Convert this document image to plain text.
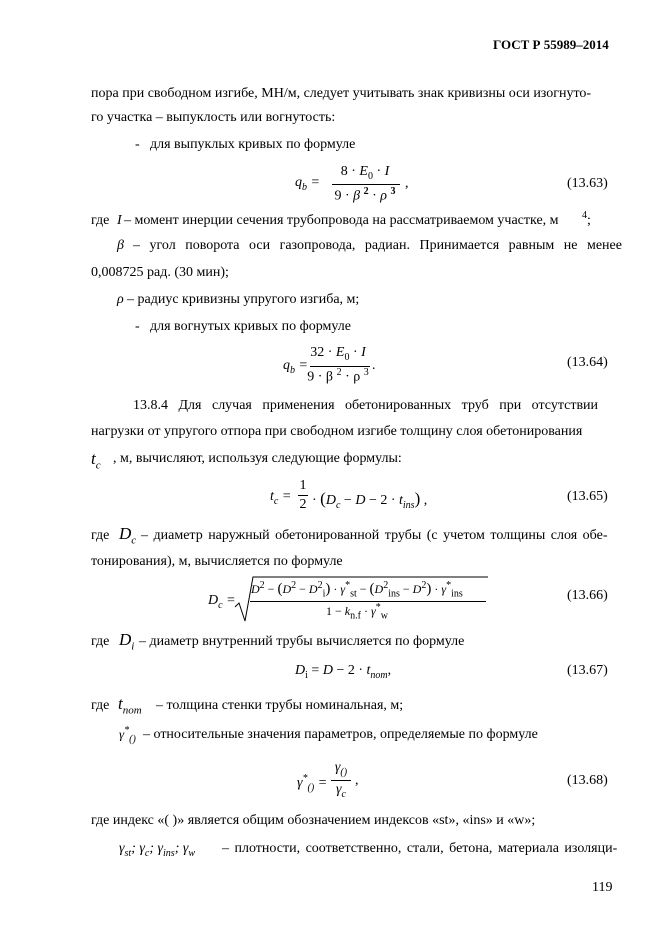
ГОСТ Р 55989–2014
пора при свободном изгибе, МН/м, следует учитывать знак кривизны оси изогнуто-
го участка – выпуклость или вогнутость:
- для выпуклых кривых по формуле
$q_b$ =
$8 \cdot E_0 \cdot I$
9 · β $^2$ · ρ $^3$
,	(13.63)
где I – момент инерции сечения трубопровода на рассматриваемом участке, м 4 ;
β – угол поворота оси газопровода, радиан. Принимается равным не менее
0,008725 рад. (30 мин);
ρ – радиус кривизны упругого изгиба, м;
- для вогнутых кривых по формуле
$q_b$ =
$32 \cdot E_0 \cdot I$
9 · β $^2$ · ρ $^3$ .	(13.64)
13.8.4 Для случая применения обетонированных труб при отсутствии
нагрузки от упругого отпора при свободном изгибе толщину слоя обетонирования
$t_c$ , м, вычисляют, используя следующие формулы:
$t_c$ =
1
$2 \cdot (D_c - D - 2 \cdot t_{ins})$ ,	(13.65)
где $D_c$ – диаметр наружный обетонированной трубы (с учетом толщины слоя обе-
тонирования), м, вычисляется по формуле
$D_c$ =
$D^2 - (D^2 - D^2_i) \cdot \gamma^*_{st} - (D^2_{ins} - D^2) \cdot \gamma^*_{ins}$
$1 - k_{n.f} \cdot \gamma^*_w$
(13.66)
где $D_i$ – диаметр внутренний трубы вычисляется по формуле
$D_i = D - 2 \cdot t_{nom}$,	(13.67)
где $t_{nom}$ – толщина стенки трубы номинальная, м;
$\gamma^*_{()}$ – относительные значения параметров, определяемые по формуле
$\gamma^*_{()}$ =
$\gamma_{()}$
$\gamma_c$
,	(13.68)
где индекс «( )» является общим обозначением индексов «st», «ins» и «w»;
$\gamma_{st}$; $\gamma_c$; $\gamma_{ins}$; $\gamma_w$ – плотности, соответственно, стали, бетона, материала изоляци-
119
